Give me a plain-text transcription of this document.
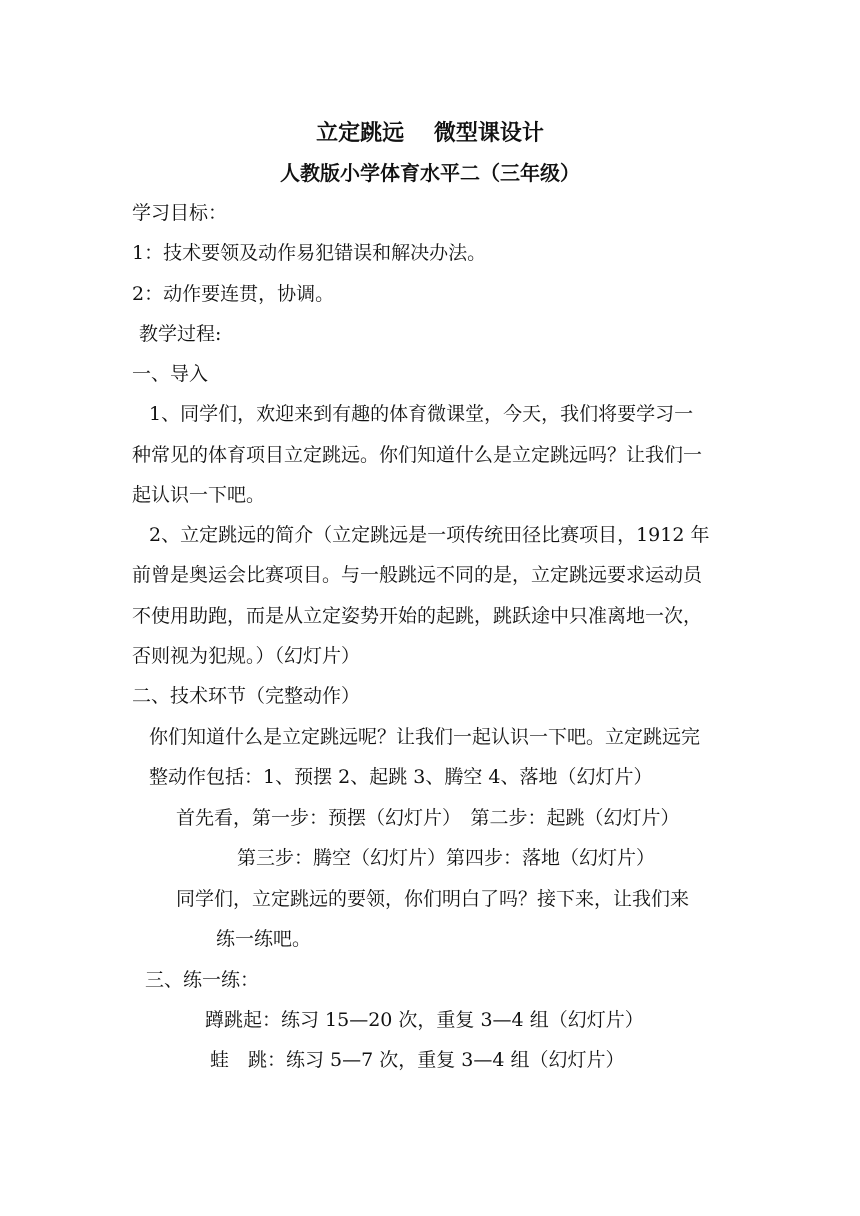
立定跳远　 微型课设计
人教版小学体育水平二（三年级）
学习目标：
1：技术要领及动作易犯错误和解决办法。
2：动作要连贯，协调。
教学过程:
一、导入
1、同学们，欢迎来到有趣的体育微课堂，今天，我们将要学习一
种常见的体育项目立定跳远。你们知道什么是立定跳远吗？让我们一
起认识一下吧。
2、立定跳远的简介（立定跳远是一项传统田径比赛项目，1912 年
前曾是奥运会比赛项目。与一般跳远不同的是，立定跳远要求运动员
不使用助跑，而是从立定姿势开始的起跳，跳跃途中只准离地一次，
否则视为犯规。）（幻灯片）
二、技术环节（完整动作）
你们知道什么是立定跳远呢？让我们一起认识一下吧。立定跳远完
整动作包括：1、预摆 2、起跳 3、腾空 4、落地（幻灯片）
首先看，第一步：预摆（幻灯片）　第二步：起跳（幻灯片）
第三步：腾空（幻灯片）第四步：落地（幻灯片）
同学们，立定跳远的要领，你们明白了吗？接下来，让我们来
练一练吧。
三、练一练：
蹲跳起：练习 15—20 次，重复 3—4 组（幻灯片）
蛙　跳：练习 5—7 次，重复 3—4 组（幻灯片）
